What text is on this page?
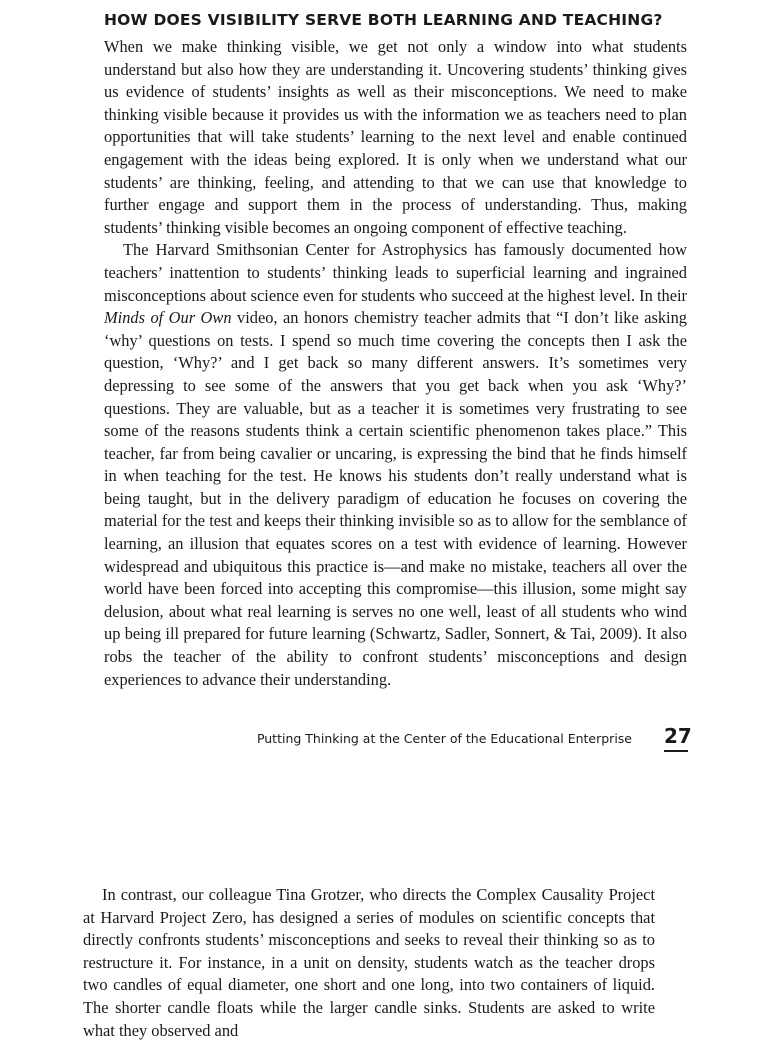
HOW DOES VISIBILITY SERVE BOTH LEARNING AND TEACHING?

When we make thinking visible, we get not only a window into what students understand but also how they are understanding it. Uncovering students’ thinking gives us evidence of students’ insights as well as their misconceptions. We need to make thinking visible because it provides us with the information we as teachers need to plan opportunities that will take students’ learning to the next level and enable continued engagement with the ideas being explored. It is only when we understand what our students’ are thinking, feeling, and attending to that we can use that knowledge to further engage and support them in the process of understanding. Thus, making students’ thinking visible becomes an ongoing component of effective teaching.

The Harvard Smithsonian Center for Astrophysics has famously documented how teachers’ inattention to students’ thinking leads to superficial learning and ingrained misconceptions about science even for students who succeed at the highest level. In their Minds of Our Own video, an honors chemistry teacher admits that “I don’t like asking ‘why’ questions on tests. I spend so much time covering the concepts then I ask the question, ‘Why?’ and I get back so many different answers. It’s sometimes very depressing to see some of the answers that you get back when you ask ‘Why?’ questions. They are valuable, but as a teacher it is sometimes very frustrating to see some of the reasons students think a certain scientific phenomenon takes place.” This teacher, far from being cavalier or uncaring, is expressing the bind that he finds himself in when teaching for the test. He knows his students don’t really understand what is being taught, but in the delivery paradigm of education he focuses on covering the material for the test and keeps their thinking invisible so as to allow for the semblance of learning, an illusion that equates scores on a test with evidence of learning. However widespread and ubiquitous this practice is—and make no mistake, teachers all over the world have been forced into accepting this compromise—this illusion, some might say delusion, about what real learning is serves no one well, least of all students who wind up being ill prepared for future learning (Schwartz, Sadler, Sonnert, & Tai, 2009). It also robs the teacher of the ability to confront students’ misconceptions and design experiences to advance their understanding.

Putting Thinking at the Center of the Educational Enterprise 27

In contrast, our colleague Tina Grotzer, who directs the Complex Causality Project at Harvard Project Zero, has designed a series of modules on scientific concepts that directly confronts students’ misconceptions and seeks to reveal their thinking so as to restructure it. For instance, in a unit on density, students watch as the teacher drops two candles of equal diameter, one short and one long, into two containers of liquid. The shorter candle floats while the larger candle sinks. Students are asked to write what they observed and
